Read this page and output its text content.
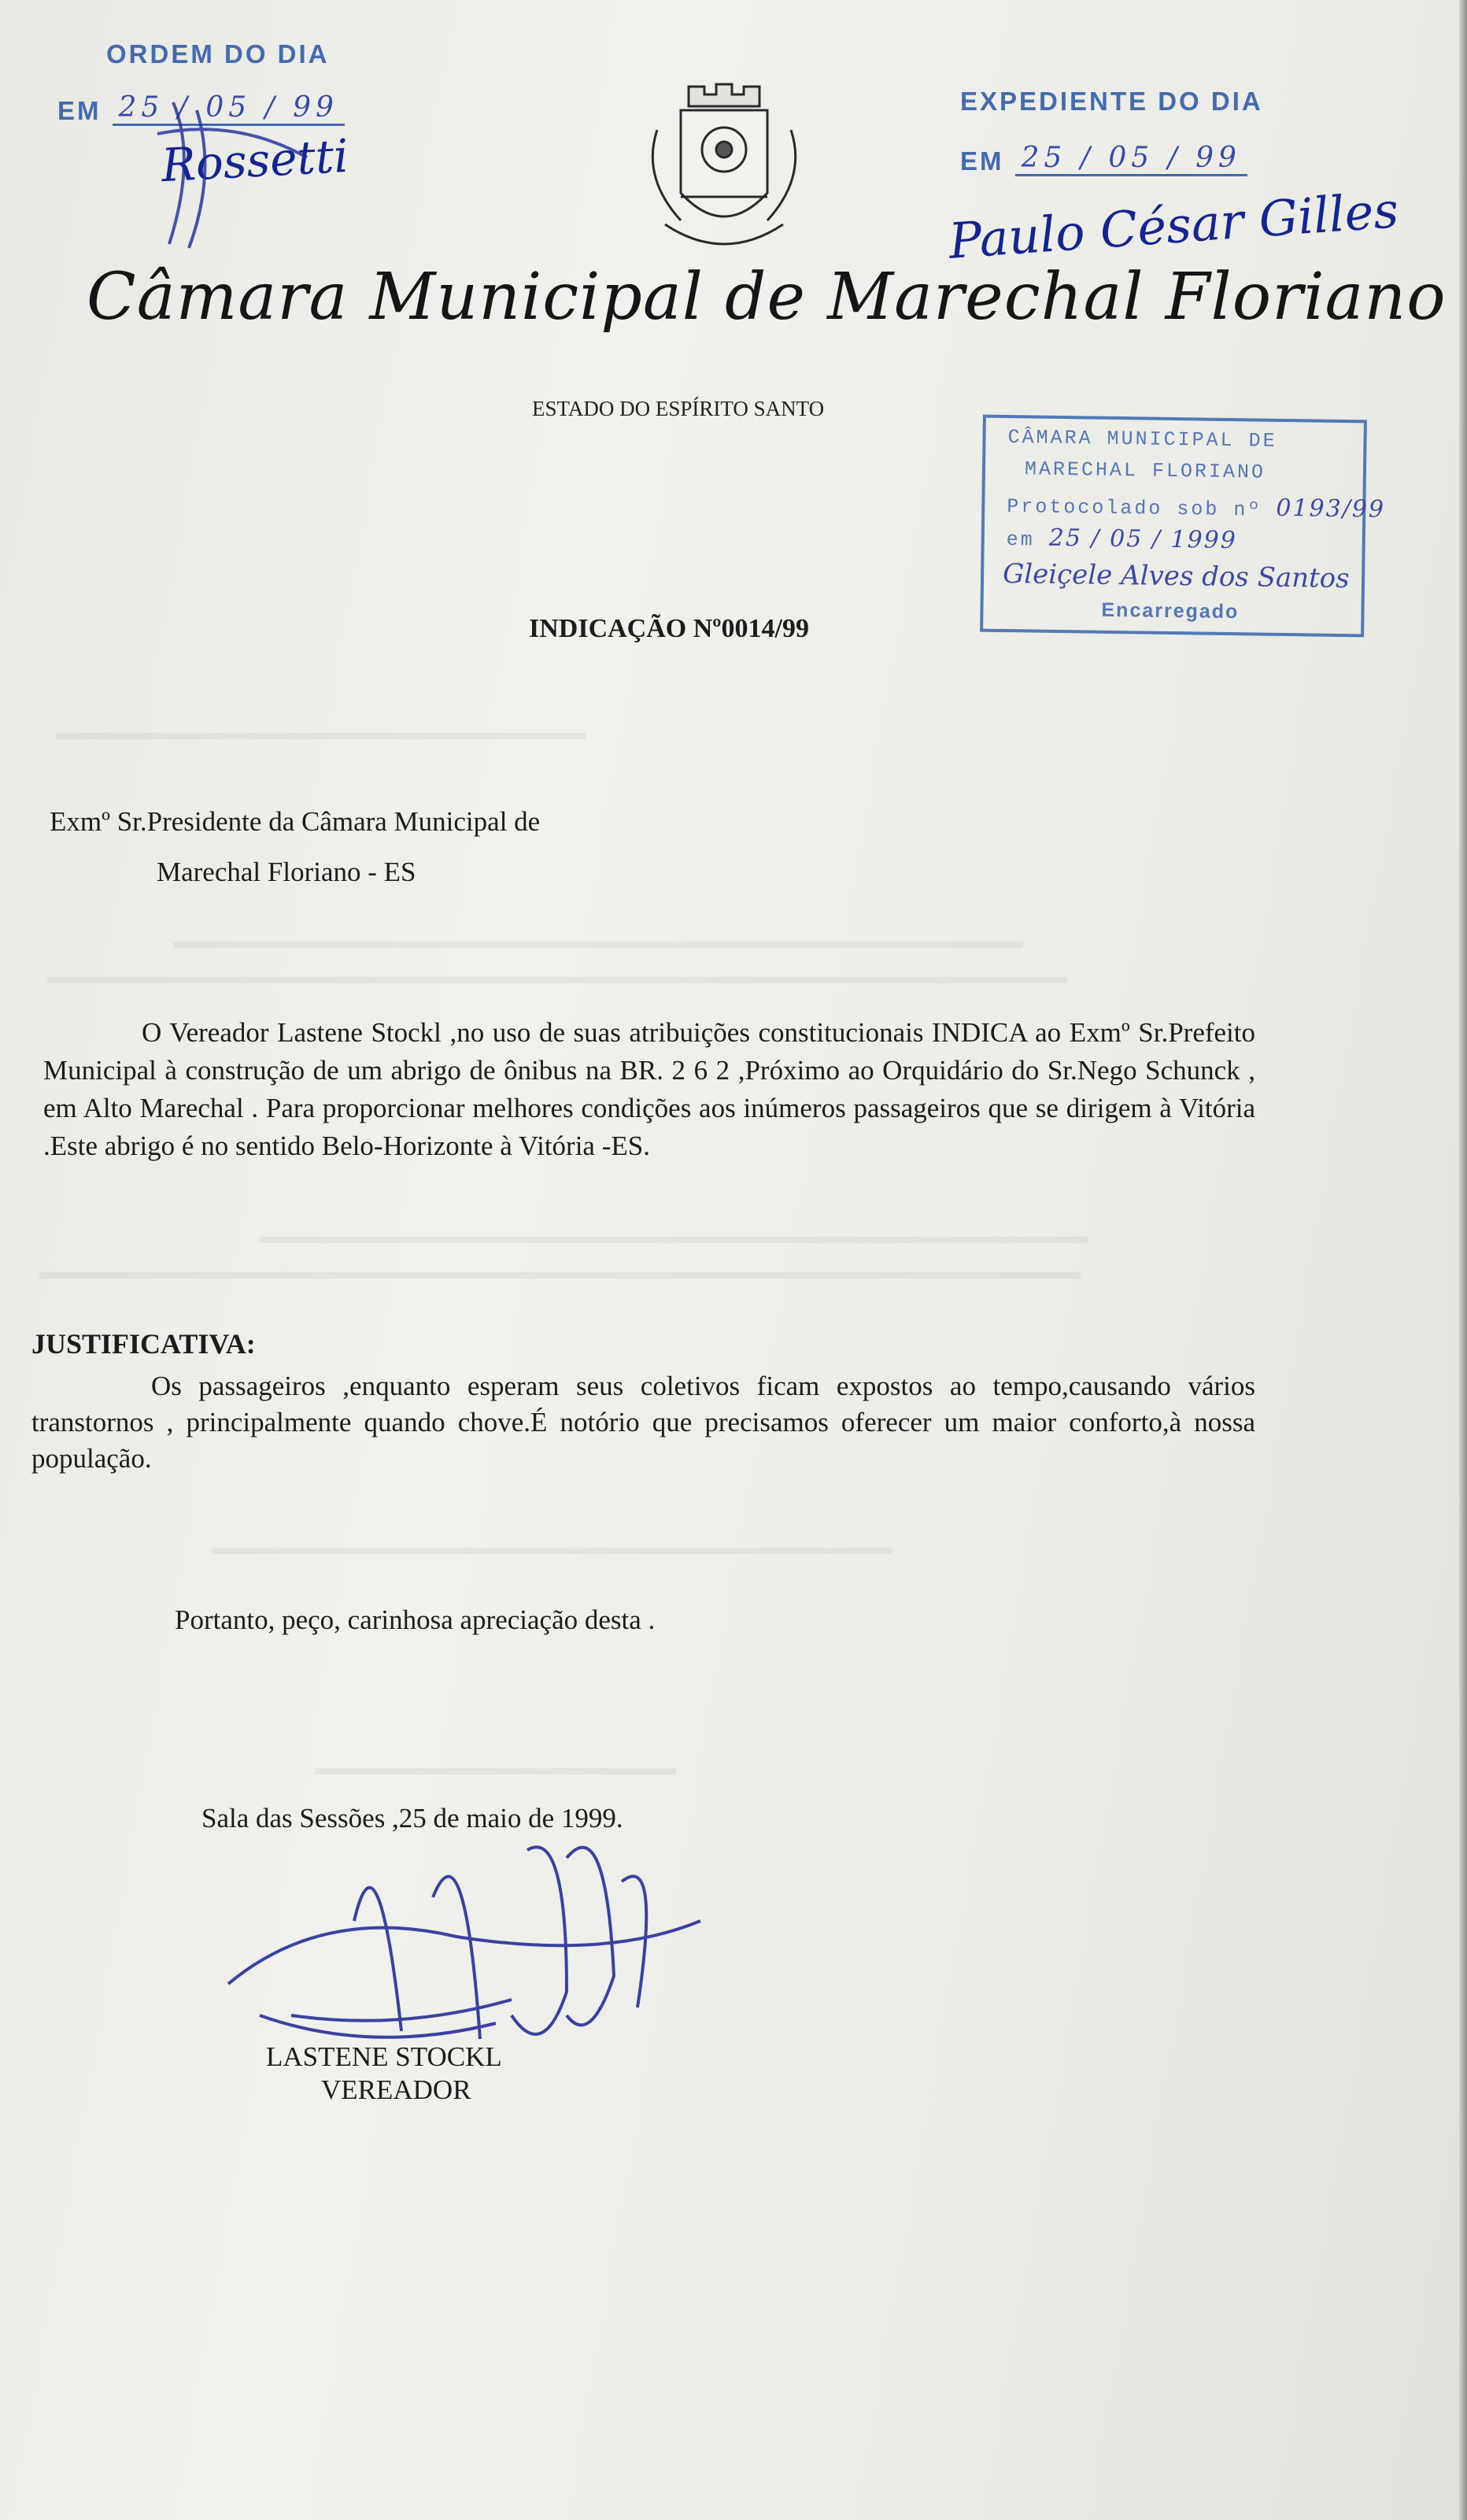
ORDEM DO DIA
EM 25 / 05 / 99
Rossetti
EXPEDIENTE DO DIA
EM 25 / 05 / 99
Paulo César Gilles
Câmara Municipal de Marechal Floriano
ESTADO DO ESPÍRITO SANTO
CÂMARA MUNICIPAL DE
MARECHAL FLORIANO
Protocolado sob nº 0193/99
em 25 / 05 / 1999
Gleiçele Alves dos Santos
Encarregado
INDICAÇÃO Nº0014/99
Exmº Sr.Presidente da Câmara Municipal de
Marechal Floriano - ES

O Vereador Lastene Stockl ,no uso de suas atribuições constitucionais INDICA ao Exmº Sr.Prefeito Municipal à construção de um abrigo de ônibus na BR. 2 6 2 ,Próximo ao Orquidário do Sr.Nego Schunck , em Alto Marechal . Para proporcionar melhores condições aos inúmeros passageiros que se dirigem à Vitória .Este abrigo é no sentido Belo-Horizonte à Vitória -ES.

JUSTIFICATIVA:

Os passageiros ,enquanto esperam seus coletivos ficam expostos ao tempo,causando vários transtornos , principalmente quando chove.É notório que precisamos oferecer um maior conforto,à nossa população.

Portanto, peço, carinhosa apreciação desta .
Sala das Sessões ,25 de maio de 1999.
LASTENE STOCKL
VEREADOR
